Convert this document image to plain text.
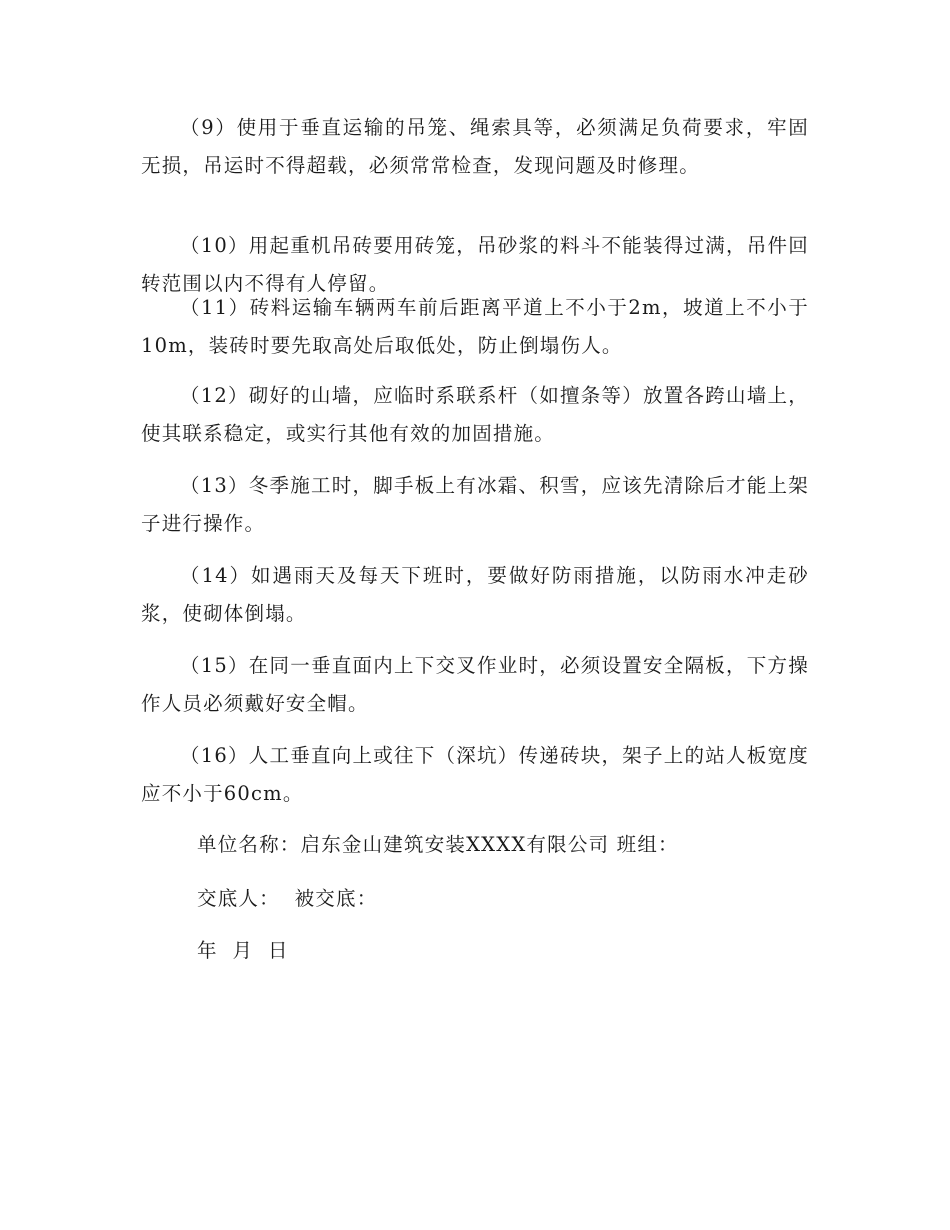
（9）使用于垂直运输的吊笼、绳索具等，必须满足负荷要求，牢固无损，吊运时不得超载，必须常常检查，发现问题及时修理。

（10）用起重机吊砖要用砖笼，吊砂浆的料斗不能装得过满，吊件回转范围以内不得有人停留。

（11）砖料运输车辆两车前后距离平道上不小于2m，坡道上不小于10m，装砖时要先取高处后取低处，防止倒塌伤人。

（12）砌好的山墙，应临时系联系杆（如擅条等）放置各跨山墙上，使其联系稳定，或实行其他有效的加固措施。

（13）冬季施工时，脚手板上有冰霜、积雪，应该先清除后才能上架子进行操作。

（14）如遇雨天及每天下班时，要做好防雨措施，以防雨水冲走砂浆，使砌体倒塌。

（15）在同一垂直面内上下交叉作业时，必须设置安全隔板，下方操作人员必须戴好安全帽。

（16）人工垂直向上或往下（深坑）传递砖块，架子上的站人板宽度应不小于60cm。

单位名称：启东金山建筑安装XXXX有限公司 班组：

交底人：  被交底：

年  月  日
